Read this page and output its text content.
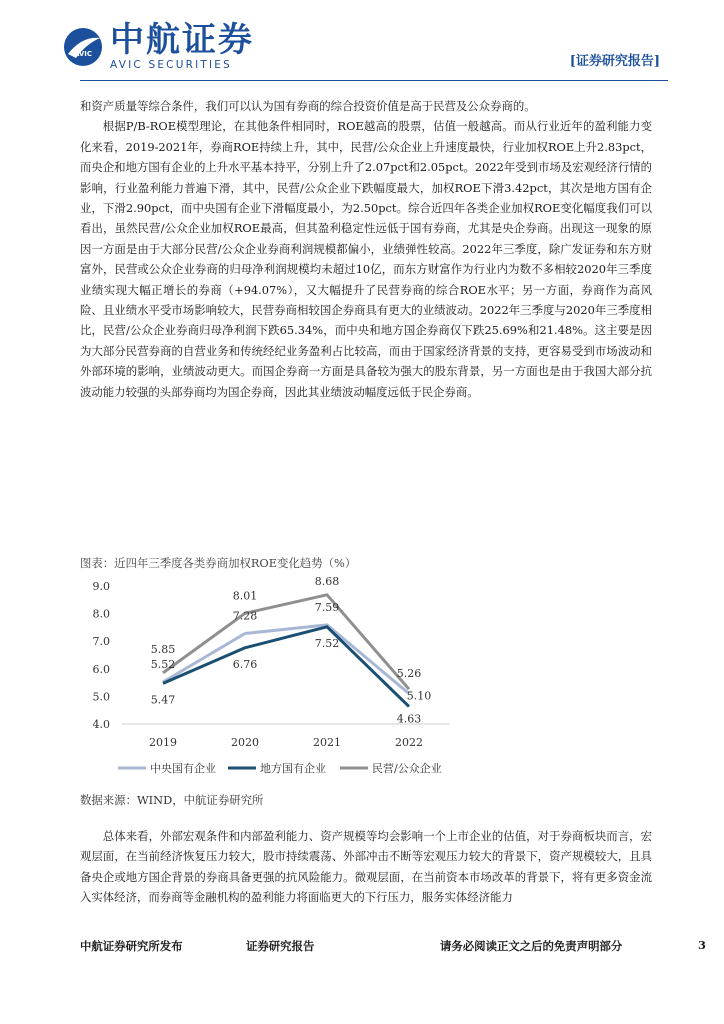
AVIC 中航证券
AVIC SECURITIES	[证券研究报告]

和资产质量等综合条件，我们可以认为国有券商的综合投资价值是高于民营及公众券商的。

根据P/B-ROE模型理论，在其他条件相同时，ROE越高的股票，估值一般越高。而从行业近年的盈利能力变化来看，2019-2021年，券商ROE持续上升，其中，民营/公众企业上升速度最快，行业加权ROE上升2.83pct，而央企和地方国有企业的上升水平基本持平，分别上升了2.07pct和2.05pct。2022年受到市场及宏观经济行情的影响，行业盈利能力普遍下滑，其中，民营/公众企业下跌幅度最大，加权ROE下滑3.42pct，其次是地方国有企业，下滑2.90pct，而中央国有企业下滑幅度最小，为2.50pct。综合近四年各类企业加权ROE变化幅度我们可以看出，虽然民营/公众企业加权ROE最高，但其盈利稳定性远低于国有券商，尤其是央企券商。出现这一现象的原因一方面是由于大部分民营/公众企业券商利润规模都偏小，业绩弹性较高。2022年三季度，除广发证券和东方财富外，民营或公众企业券商的归母净利润规模均未超过10亿，而东方财富作为行业内为数不多相较2020年三季度业绩实现大幅正增长的券商（+94.07%），又大幅提升了民营券商的综合ROE水平；另一方面，券商作为高风险、且业绩水平受市场影响较大，民营券商相较国企券商具有更大的业绩波动。2022年三季度与2020年三季度相比，民营/公众企业券商归母净利润下跌65.34%，而中央和地方国企券商仅下跌25.69%和21.48%。这主要是因为大部分民营券商的自营业务和传统经纪业务盈利占比较高，而由于国家经济背景的支持，更容易受到市场波动和外部环境的影响，业绩波动更大。而国企券商一方面是具备较为强大的股东背景，另一方面也是由于我国大部分抗波动能力较强的头部券商均为国企券商，因此其业绩波动幅度远低于民企券商。

图表：近四年三季度各类券商加权ROE变化趋势（%）
4.0
5.0
6.0
7.0
8.0
9.0
2019	2020	2021	2022
5.85
5.52
5.47
8.01
7.28
6.76
8.68
7.59
7.52
5.26
5.10
4.63
中央国有企业	地方国有企业	民营/公众企业
数据来源：WIND，中航证券研究所

总体来看，外部宏观条件和内部盈利能力、资产规模等均会影响一个上市企业的估值，对于券商板块而言，宏观层面，在当前经济恢复压力较大，股市持续震荡、外部冲击不断等宏观压力较大的背景下，资产规模较大，且具备央企或地方国企背景的券商具备更强的抗风险能力。微观层面，在当前资本市场改革的背景下，将有更多资金流入实体经济，而券商等金融机构的盈利能力将面临更大的下行压力，服务实体经济能力

中航证券研究所发布	证券研究报告	请务必阅读正文之后的免责声明部分	3
